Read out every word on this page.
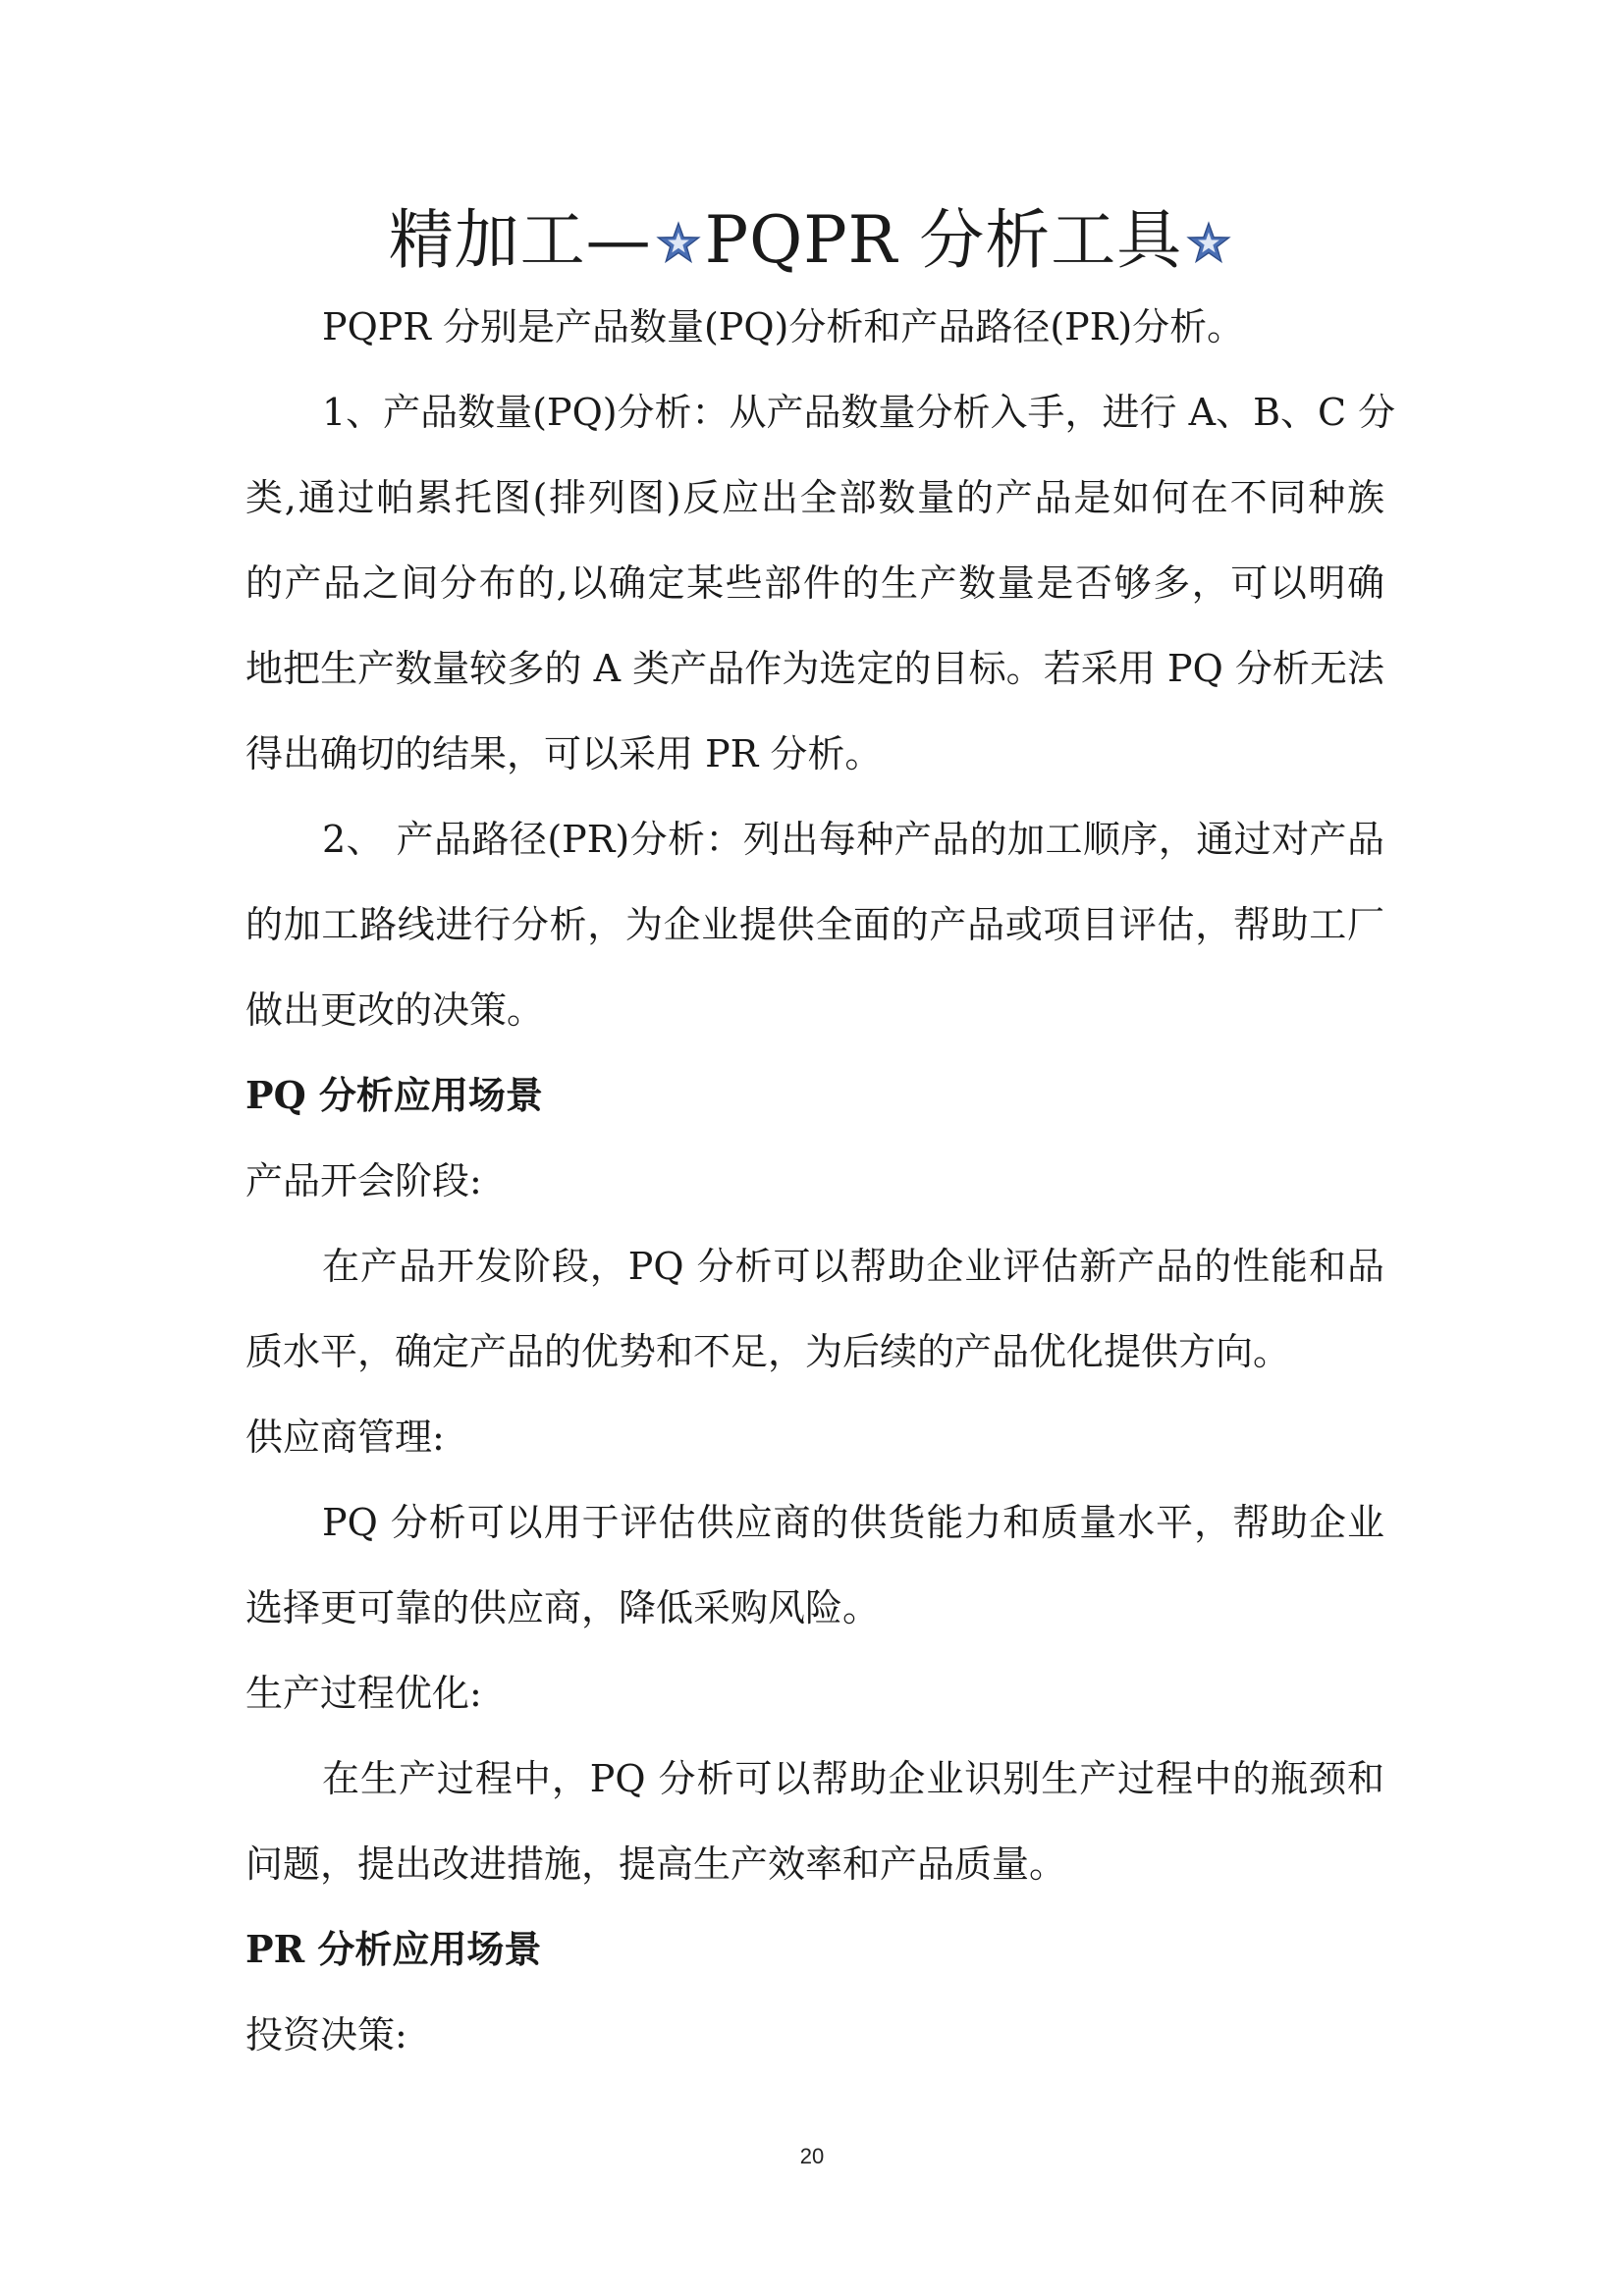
精加工— PQPR 分析工具
PQPR 分别是产品数量(PQ)分析和产品路径(PR)分析。
1、产品数量(PQ)分析：从产品数量分析入手，进行 A、B、C 分
类,通过帕累托图(排列图)反应出全部数量的产品是如何在不同种族
的产品之间分布的,以确定某些部件的生产数量是否够多，可以明确
地把生产数量较多的 A 类产品作为选定的目标。若采用 PQ 分析无法
得出确切的结果，可以采用 PR 分析。
2、 产品路径(PR)分析：列出每种产品的加工顺序，通过对产品
的加工路线进行分析，为企业提供全面的产品或项目评估，帮助工厂
做出更改的决策。
PQ 分析应用场景
产品开会阶段:
在产品开发阶段，PQ 分析可以帮助企业评估新产品的性能和品
质水平，确定产品的优势和不足，为后续的产品优化提供方向。
供应商管理:
PQ 分析可以用于评估供应商的供货能力和质量水平，帮助企业
选择更可靠的供应商，降低采购风险。
生产过程优化:
在生产过程中，PQ 分析可以帮助企业识别生产过程中的瓶颈和
问题，提出改进措施，提高生产效率和产品质量。
PR 分析应用场景
投资决策:
20
